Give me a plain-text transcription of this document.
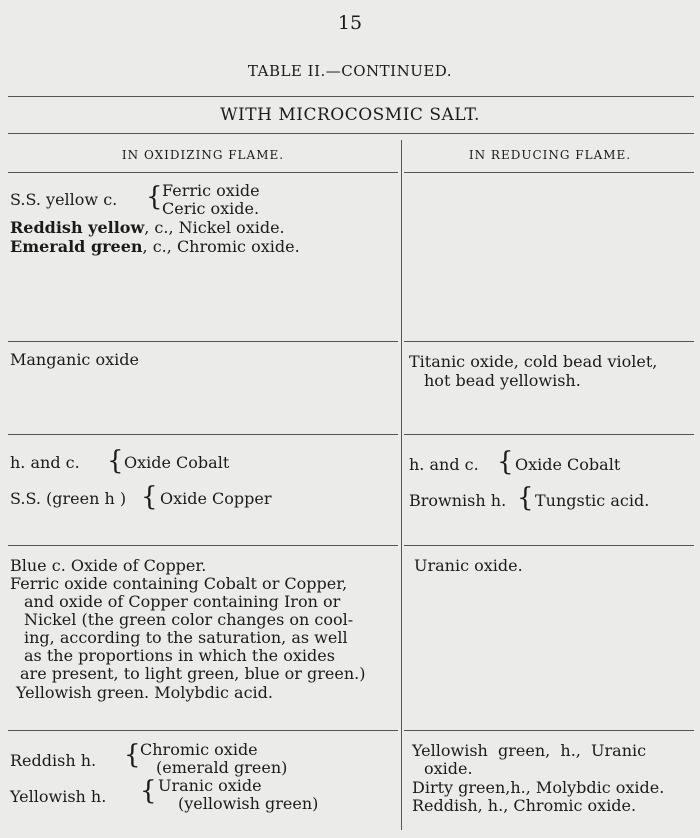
15
TABLE II.—CONTINUED.
WITH MICROCOSMIC SALT.
IN OXIDIZING FLAME.	IN REDUCING FLAME.
S.S. yellow c. { Ferric oxide
Ceric oxide.
Reddish yellow, c., Nickel oxide.
Emerald green, c., Chromic oxide.
Manganic oxide	Titanic oxide, cold bead violet,
hot bead yellowish.
h. and c. { Oxide Cobalt
S.S. (green h ) { Oxide Copper
h. and c. { Oxide Cobalt
Brownish h. { Tungstic acid.
Blue c. Oxide of Copper.
Ferric oxide containing Cobalt or Copper,
and oxide of Copper containing Iron or
Nickel (the green color changes on cool-
ing, according to the saturation, as well
as the proportions in which the oxides
are present, to light green, blue or green.)
Yellowish green. Molybdic acid.
Uranic oxide.
Reddish h. { Chromic oxide
(emerald green)
Yellowish h. { Uranic oxide
(yellowish green)
Yellowish  green,  h.,  Uranic
oxide.
Dirty green,h., Molybdic oxide.
Reddish, h., Chromic oxide.
